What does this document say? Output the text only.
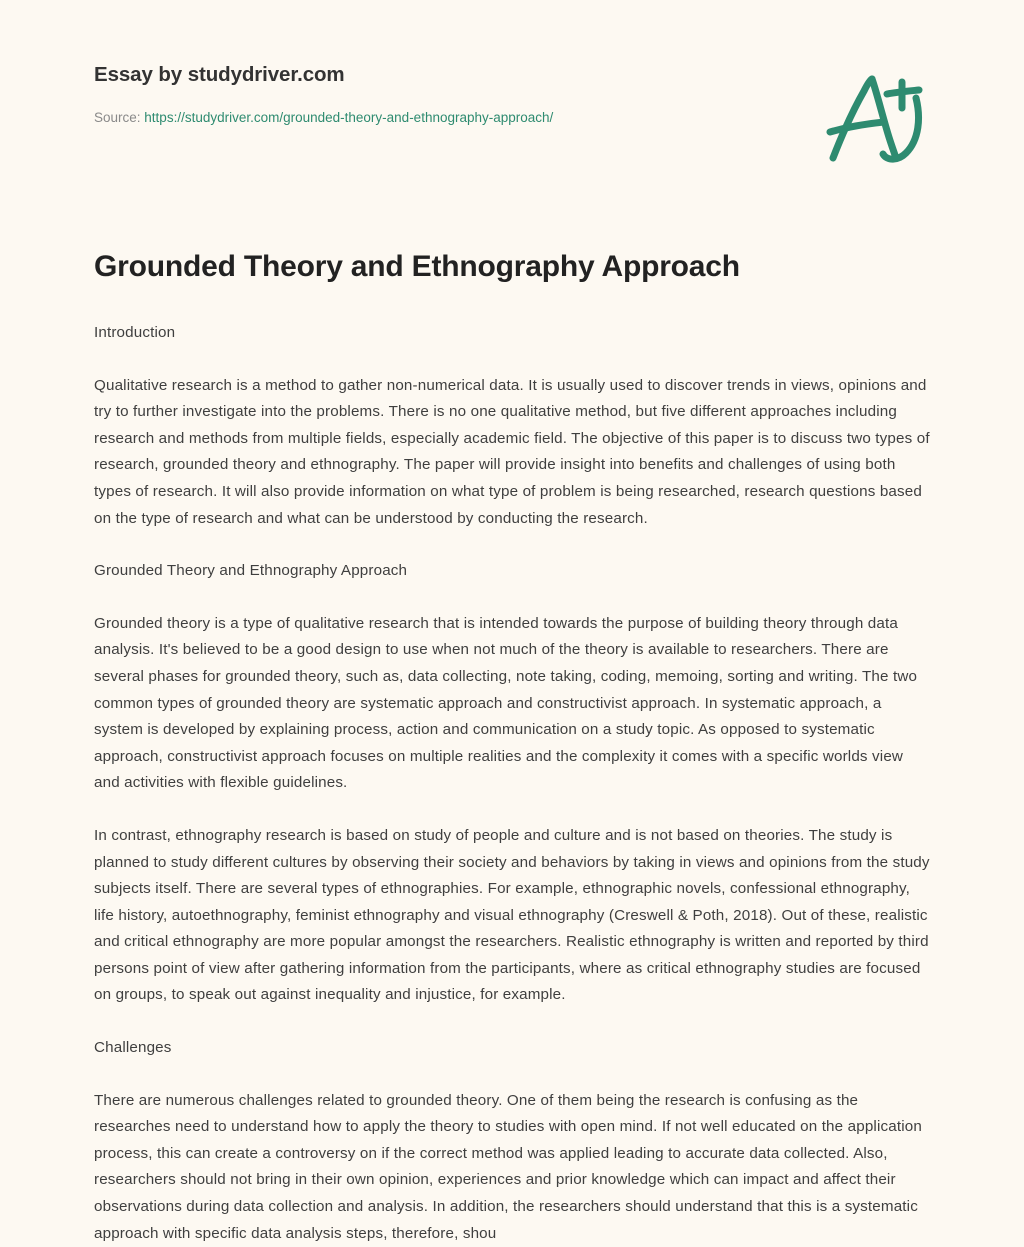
Essay by studydriver.com
Source: https://studydriver.com/grounded-theory-and-ethnography-approach/
Grounded Theory and Ethnography Approach

Introduction

Qualitative research is a method to gather non-numerical data. It is usually used to discover trends in views, opinions and try to further investigate into the problems. There is no one qualitative method, but five different approaches including research and methods from multiple fields, especially academic field. The objective of this paper is to discuss two types of research, grounded theory and ethnography. The paper will provide insight into benefits and challenges of using both types of research. It will also provide information on what type of problem is being researched, research questions based on the type of research and what can be understood by conducting the research.

Grounded Theory and Ethnography Approach

Grounded theory is a type of qualitative research that is intended towards the purpose of building theory through data analysis. It's believed to be a good design to use when not much of the theory is available to researchers. There are several phases for grounded theory, such as, data collecting, note taking, coding, memoing, sorting and writing. The two common types of grounded theory are systematic approach and constructivist approach. In systematic approach, a system is developed by explaining process, action and communication on a study topic. As opposed to systematic approach, constructivist approach focuses on multiple realities and the complexity it comes with a specific worlds view and activities with flexible guidelines.

In contrast, ethnography research is based on study of people and culture and is not based on theories. The study is planned to study different cultures by observing their society and behaviors by taking in views and opinions from the study subjects itself. There are several types of ethnographies. For example, ethnographic novels, confessional ethnography, life history, autoethnography, feminist ethnography and visual ethnography (Creswell & Poth, 2018). Out of these, realistic and critical ethnography are more popular amongst the researchers. Realistic ethnography is written and reported by third persons point of view after gathering information from the participants, where as critical ethnography studies are focused on groups, to speak out against inequality and injustice, for example.

Challenges

There are numerous challenges related to grounded theory. One of them being the research is confusing as the researches need to understand how to apply the theory to studies with open mind. If not well educated on the application process, this can create a controversy on if the correct method was applied leading to accurate data collected. Also, researchers should not bring in their own opinion, experiences and prior knowledge which can impact and affect their observations during data collection and analysis. In addition, the researchers should understand that this is a systematic approach with specific data analysis steps, therefore, shou
